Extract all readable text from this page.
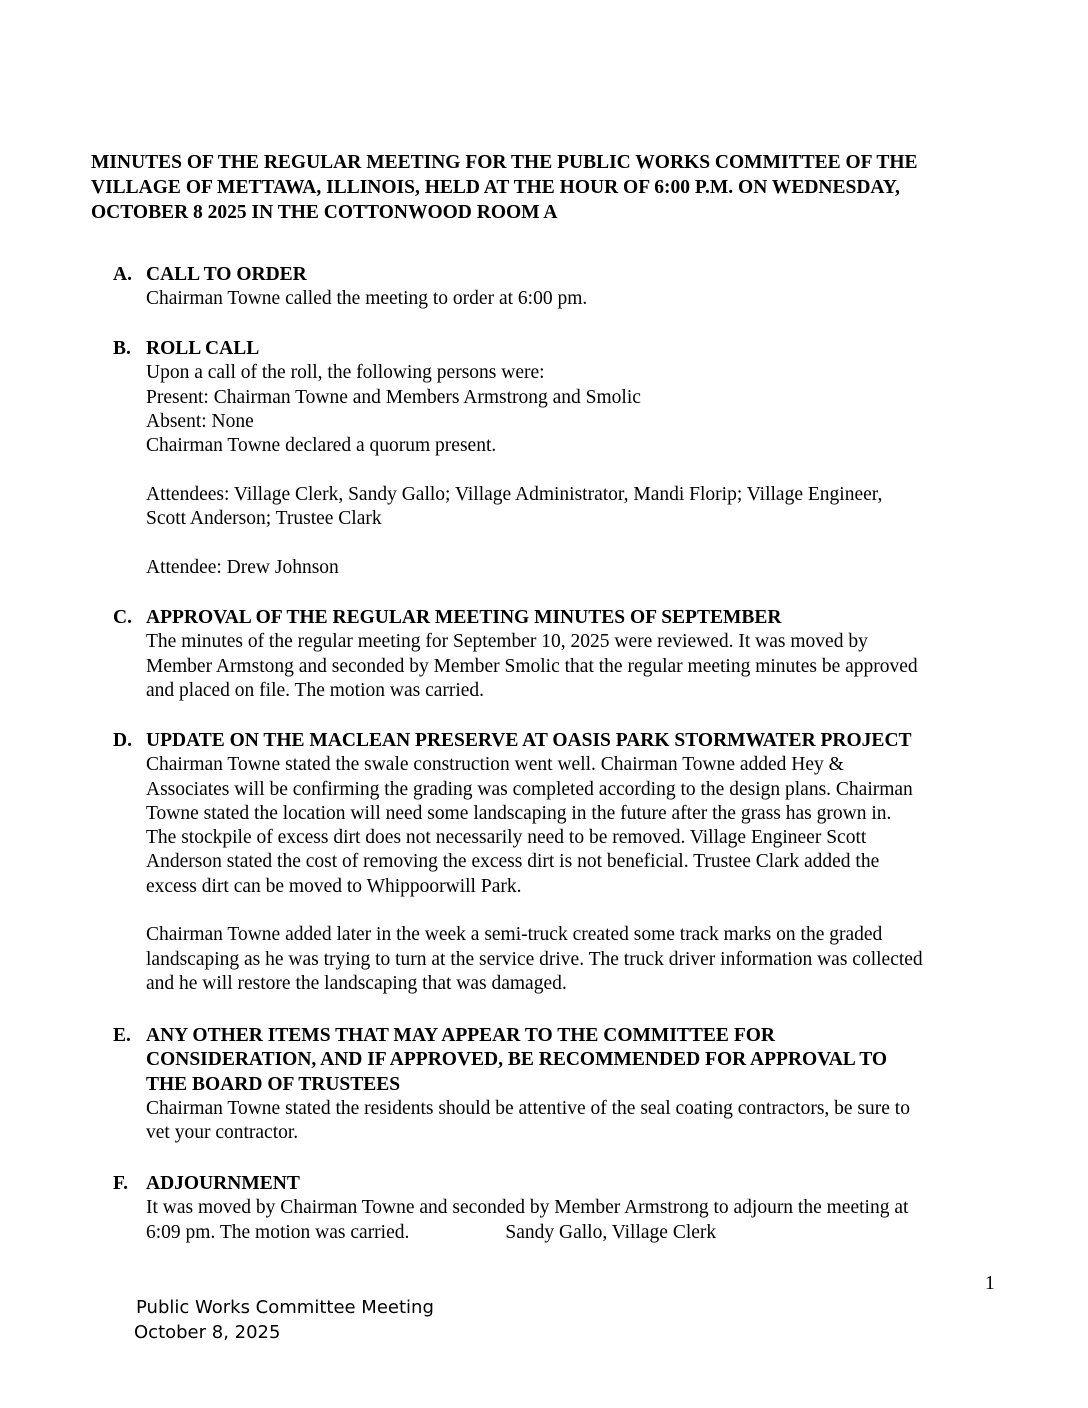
MINUTES OF THE REGULAR MEETING FOR THE PUBLIC WORKS COMMITTEE OF THE
VILLAGE OF METTAWA, ILLINOIS, HELD AT THE HOUR OF 6:00 P.M. ON WEDNESDAY,
OCTOBER 8 2025 IN THE COTTONWOOD ROOM A
A. CALL TO ORDER
Chairman Towne called the meeting to order at 6:00 pm.
B. ROLL CALL
Upon a call of the roll, the following persons were:
Present: Chairman Towne and Members Armstrong and Smolic
Absent: None
Chairman Towne declared a quorum present.
Attendees: Village Clerk, Sandy Gallo; Village Administrator, Mandi Florip; Village Engineer,
Scott Anderson; Trustee Clark
Attendee: Drew Johnson
C. APPROVAL OF THE REGULAR MEETING MINUTES OF SEPTEMBER
The minutes of the regular meeting for September 10, 2025 were reviewed. It was moved by
Member Armstong and seconded by Member Smolic that the regular meeting minutes be approved
and placed on file. The motion was carried.
D. UPDATE ON THE MACLEAN PRESERVE AT OASIS PARK STORMWATER PROJECT
Chairman Towne stated the swale construction went well. Chairman Towne added Hey &
Associates will be confirming the grading was completed according to the design plans. Chairman
Towne stated the location will need some landscaping in the future after the grass has grown in.
The stockpile of excess dirt does not necessarily need to be removed. Village Engineer Scott
Anderson stated the cost of removing the excess dirt is not beneficial. Trustee Clark added the
excess dirt can be moved to Whippoorwill Park.
Chairman Towne added later in the week a semi-truck created some track marks on the graded
landscaping as he was trying to turn at the service drive. The truck driver information was collected
and he will restore the landscaping that was damaged.
E. ANY OTHER ITEMS THAT MAY APPEAR TO THE COMMITTEE FOR
CONSIDERATION, AND IF APPROVED, BE RECOMMENDED FOR APPROVAL TO
THE BOARD OF TRUSTEES
Chairman Towne stated the residents should be attentive of the seal coating contractors, be sure to
vet your contractor.
F. ADJOURNMENT
It was moved by Chairman Towne and seconded by Member Armstrong to adjourn the meeting at
6:09 pm. The motion was carried.	Sandy Gallo, Village Clerk
1
Public Works Committee Meeting
October 8, 2025
